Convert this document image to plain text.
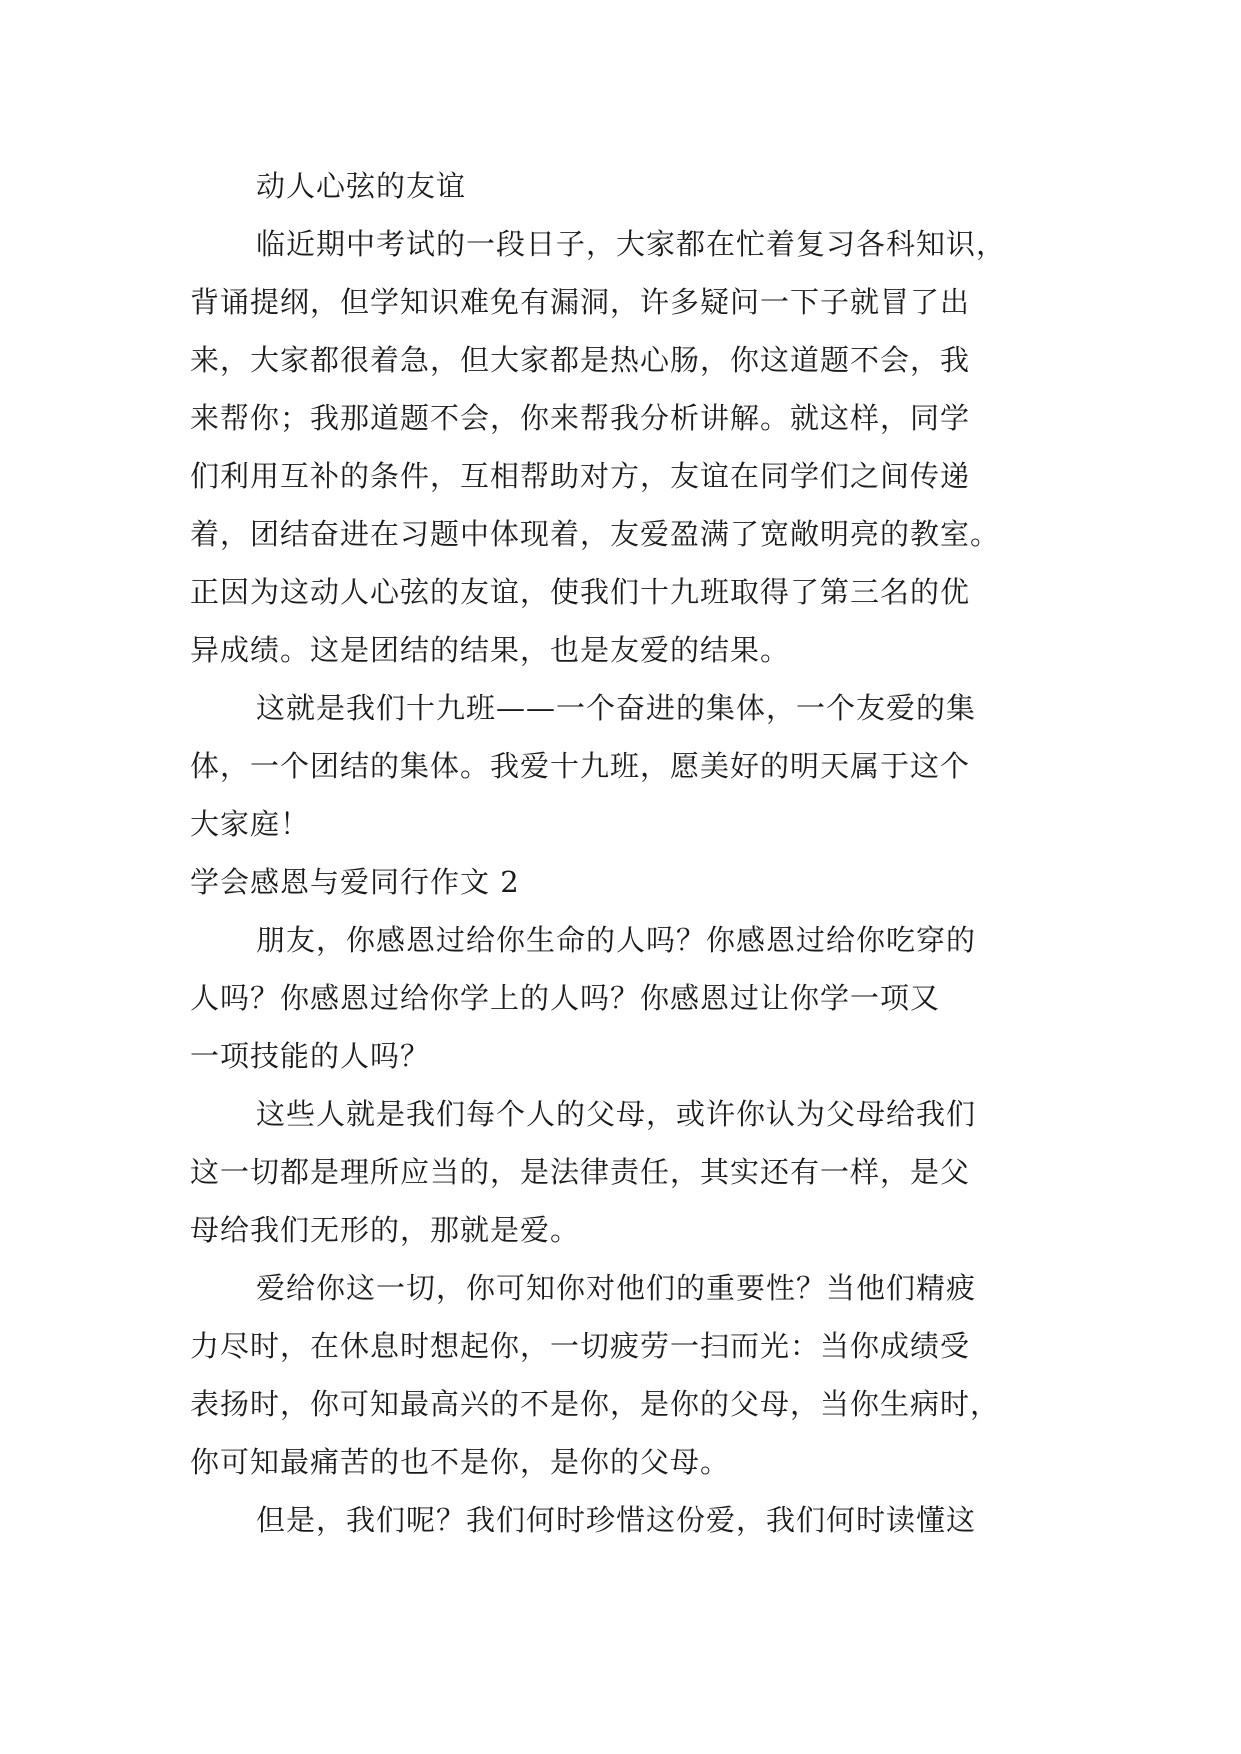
动人心弦的友谊

临近期中考试的一段日子，大家都在忙着复习各科知识，

背诵提纲，但学知识难免有漏洞，许多疑问一下子就冒了出

来，大家都很着急，但大家都是热心肠，你这道题不会，我

来帮你；我那道题不会，你来帮我分析讲解。就这样，同学

们利用互补的条件，互相帮助对方，友谊在同学们之间传递

着，团结奋进在习题中体现着，友爱盈满了宽敞明亮的教室。

正因为这动人心弦的友谊，使我们十九班取得了第三名的优

异成绩。这是团结的结果，也是友爱的结果。

这就是我们十九班——一个奋进的集体，一个友爱的集

体，一个团结的集体。我爱十九班，愿美好的明天属于这个

大家庭！

学会感恩与爱同行作文 2

朋友，你感恩过给你生命的人吗？你感恩过给你吃穿的

人吗？你感恩过给你学上的人吗？你感恩过让你学一项又

一项技能的人吗？

这些人就是我们每个人的父母，或许你认为父母给我们

这一切都是理所应当的，是法律责任，其实还有一样，是父

母给我们无形的，那就是爱。

爱给你这一切，你可知你对他们的重要性？当他们精疲

力尽时，在休息时想起你，一切疲劳一扫而光：当你成绩受

表扬时，你可知最高兴的不是你，是你的父母，当你生病时，

你可知最痛苦的也不是你，是你的父母。

但是，我们呢？我们何时珍惜这份爱，我们何时读懂这
